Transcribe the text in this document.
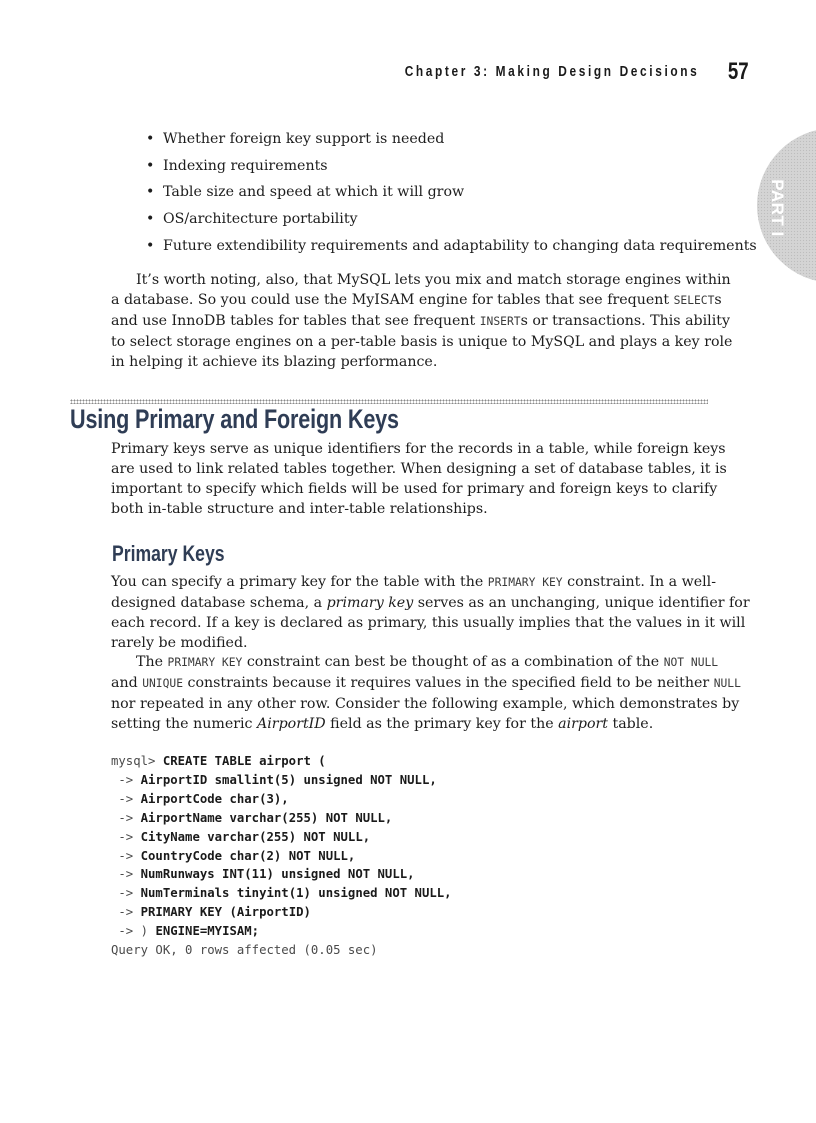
Chapter 3: Making Design Decisions 57
PART I
• Whether foreign key support is needed
• Indexing requirements
• Table size and speed at which it will grow
• OS/architecture portability
• Future extendibility requirements and adaptability to changing data requirements

It’s worth noting, also, that MySQL lets you mix and match storage engines within
a database. So you could use the MyISAM engine for tables that see frequent SELECTs
and use InnoDB tables for tables that see frequent INSERTs or transactions. This ability
to select storage engines on a per-table basis is unique to MySQL and plays a key role
in helping it achieve its blazing performance.

Using Primary and Foreign Keys

Primary keys serve as unique identifiers for the records in a table, while foreign keys
are used to link related tables together. When designing a set of database tables, it is
important to specify which fields will be used for primary and foreign keys to clarify
both in-table structure and inter-table relationships.

Primary Keys

You can specify a primary key for the table with the PRIMARY KEY constraint. In a well-
designed database schema, a primary key serves as an unchanging, unique identifier for
each record. If a key is declared as primary, this usually implies that the values in it will
rarely be modified.

The PRIMARY KEY constraint can best be thought of as a combination of the NOT NULL
and UNIQUE constraints because it requires values in the specified field to be neither NULL
nor repeated in any other row. Consider the following example, which demonstrates by
setting the numeric AirportID field as the primary key for the airport table.

mysql> CREATE TABLE airport (
-> AirportID smallint(5) unsigned NOT NULL,
-> AirportCode char(3),
-> AirportName varchar(255) NOT NULL,
-> CityName varchar(255) NOT NULL,
-> CountryCode char(2) NOT NULL,
-> NumRunways INT(11) unsigned NOT NULL,
-> NumTerminals tinyint(1) unsigned NOT NULL,
-> PRIMARY KEY (AirportID)
-> ) ENGINE=MYISAM;
Query OK, 0 rows affected (0.05 sec)
